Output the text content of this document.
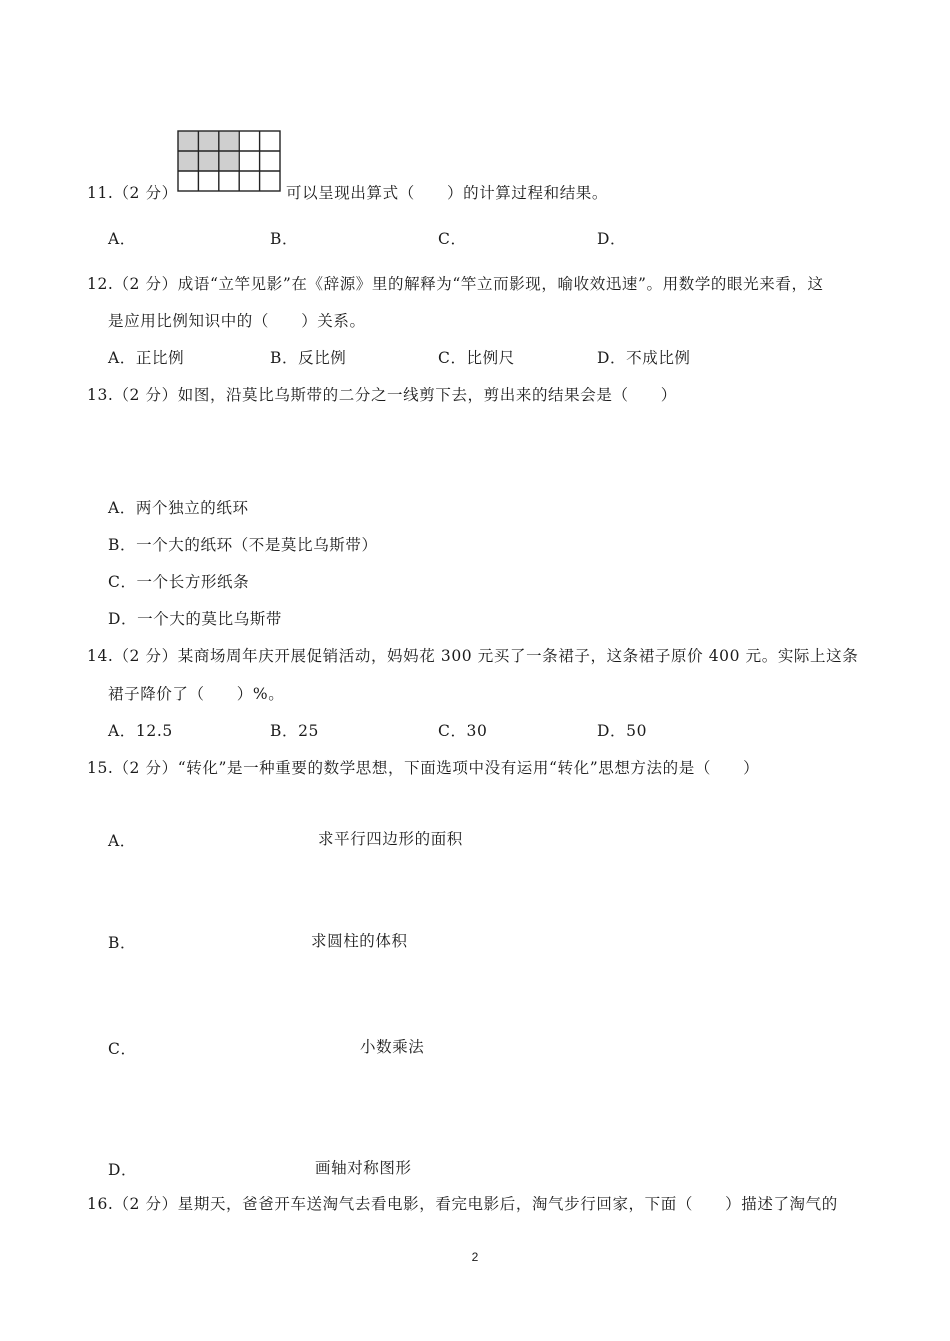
11.（2 分）	可以呈现出算式（　　）的计算过程和结果。
A．	B．	C．	D．
12.（2 分）成语“立竿见影”在《辞源》里的解释为“竿立而影现，喻收效迅速”。用数学的眼光来看，这
是应用比例知识中的（　　）关系。
A．正比例	B．反比例	C．比例尺	D．不成比例
13.（2 分）如图，沿莫比乌斯带的二分之一线剪下去，剪出来的结果会是（　　）
A．两个独立的纸环
B．一个大的纸环（不是莫比乌斯带）
C．一个长方形纸条
D．一个大的莫比乌斯带
14.（2 分）某商场周年庆开展促销活动，妈妈花 300 元买了一条裙子，这条裙子原价 400 元。实际上这条
裙子降价了（　　）%。
A．12.5	B．25	C．30	D．50
15.（2 分）“转化”是一种重要的数学思想，下面选项中没有运用“转化”思想方法的是（　　）
A．	求平行四边形的面积
B．	求圆柱的体积
C．	小数乘法
D．	画轴对称图形
16.（2 分）星期天，爸爸开车送淘气去看电影，看完电影后，淘气步行回家，下面（　　）描述了淘气的
2
